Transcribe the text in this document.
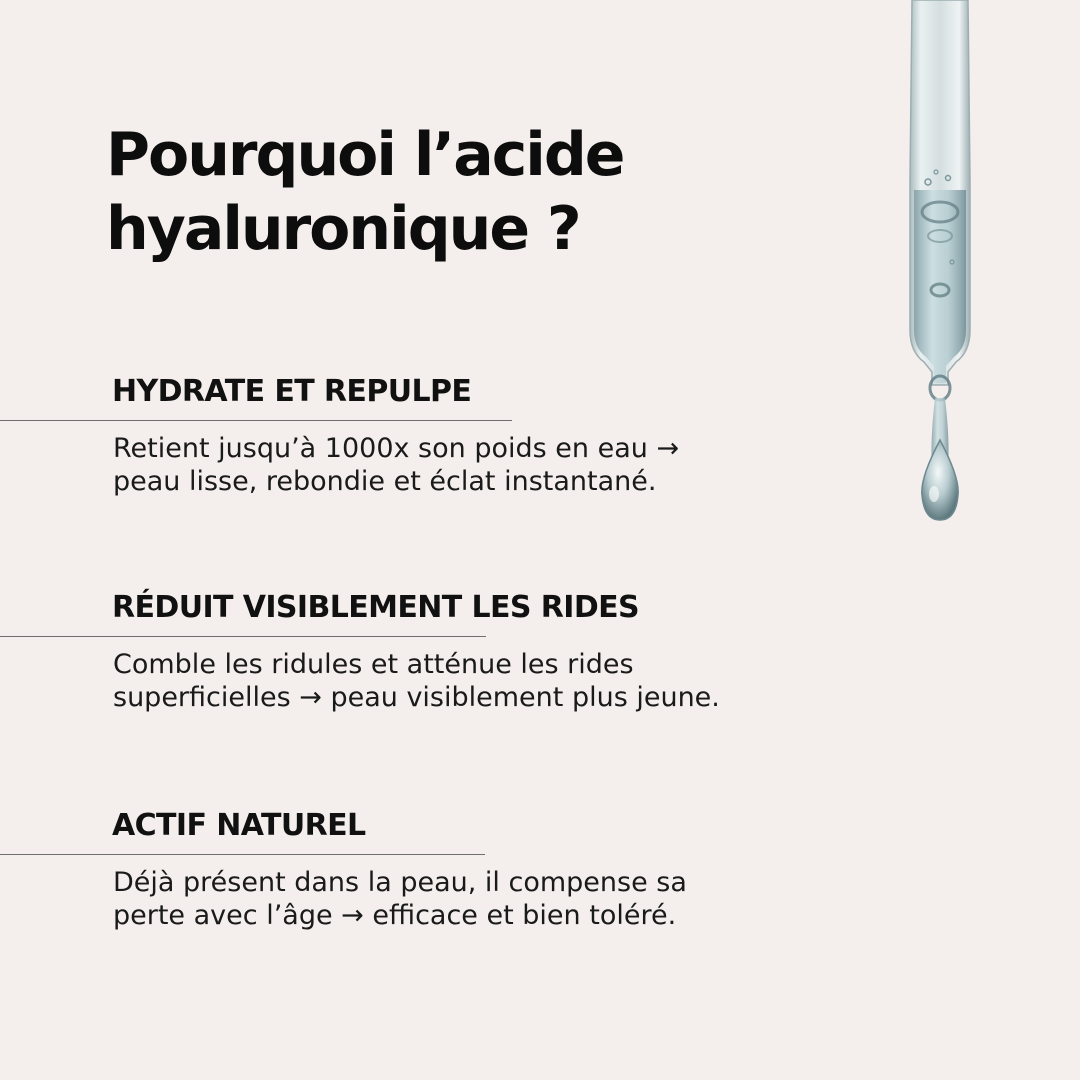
Pourquoi l’acide
hyaluronique ?
HYDRATE ET REPULPE

Retient jusqu’à 1000x son poids en eau →
peau lisse, rebondie et éclat instantané.

RÉDUIT VISIBLEMENT LES RIDES

Comble les ridules et atténue les rides
superficielles → peau visiblement plus jeune.

ACTIF NATUREL

Déjà présent dans la peau, il compense sa
perte avec l’âge → efficace et bien toléré.
